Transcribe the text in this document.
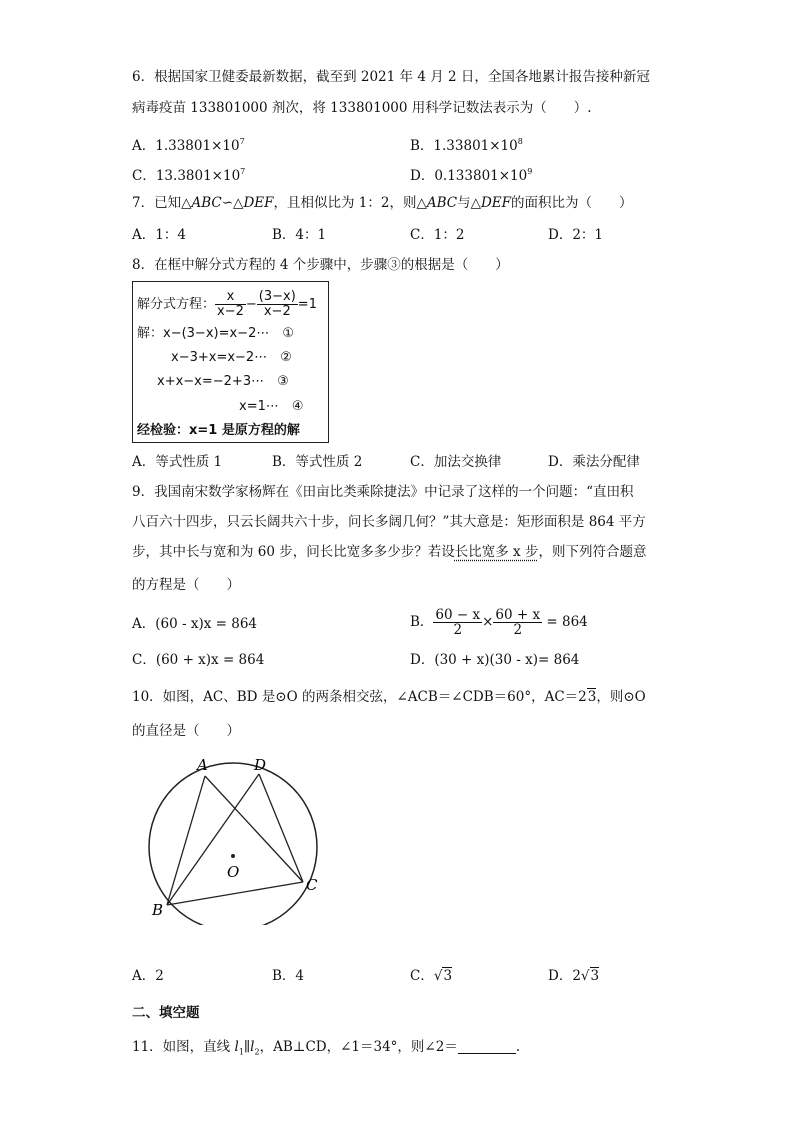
6．根据国家卫健委最新数据，截至到 2021 年 4 月 2 日，全国各地累计报告接种新冠
病毒疫苗 133801000 剂次，将 133801000 用科学记数法表示为（　　）.
A．$1.33801\times 10^7$	B．$1.33801\times 10^8$
C．$13.3801\times 10^7$	D．$0.133801\times 10^9$
7．已知△ABC∽△DEF，且相似比为 1：2，则△ABC与△DEF的面积比为（　　）
A．1：4	B．4：1	C．1：2	D．2：1
8．在框中解分式方程的 4 个步骤中，步骤③的根据是（　　）
解分式方程： $\frac{x}{x-2} - \frac{(3-x)}{x-2} =1$
解：x−(3−x)=x−2⋯　①
x−3+x=x−2⋯　②
x+x−x=−2+3⋯　③
x=1⋯　④
经检验：x=1 是原方程的解
A．等式性质 1	B．等式性质 2	C．加法交换律	D．乘法分配律
9．我国南宋数学家杨辉在《田亩比类乘除捷法》中记录了这样的一个问题：“直田积
八百六十四步，只云长阔共六十步，问长多阔几何？”其大意是：矩形面积是 864 平方
步，其中长与宽和为 60 步，问长比宽多多少步？若设长比宽多 x 步，则下列符合题意
的方程是（　　）
A．(60 - x)x = 864	B． $\frac{60 - x}{2} \times \frac{60 + x}{2} = 864$
C．(60 + x)x = 864	D．(30 + x)(30 - x)= 864
10．如图，AC、BD 是⊙O 的两条相交弦，∠ACB＝∠CDB＝60°，AC＝23，则⊙O
的直径是（　　）
A	D
O
B
C
A．2	B．4	C．√3	D．2√3
二、填空题
11．如图，直线 $l_1\parallel l_2$，AB⊥CD，∠1＝34°，则∠2＝	.
